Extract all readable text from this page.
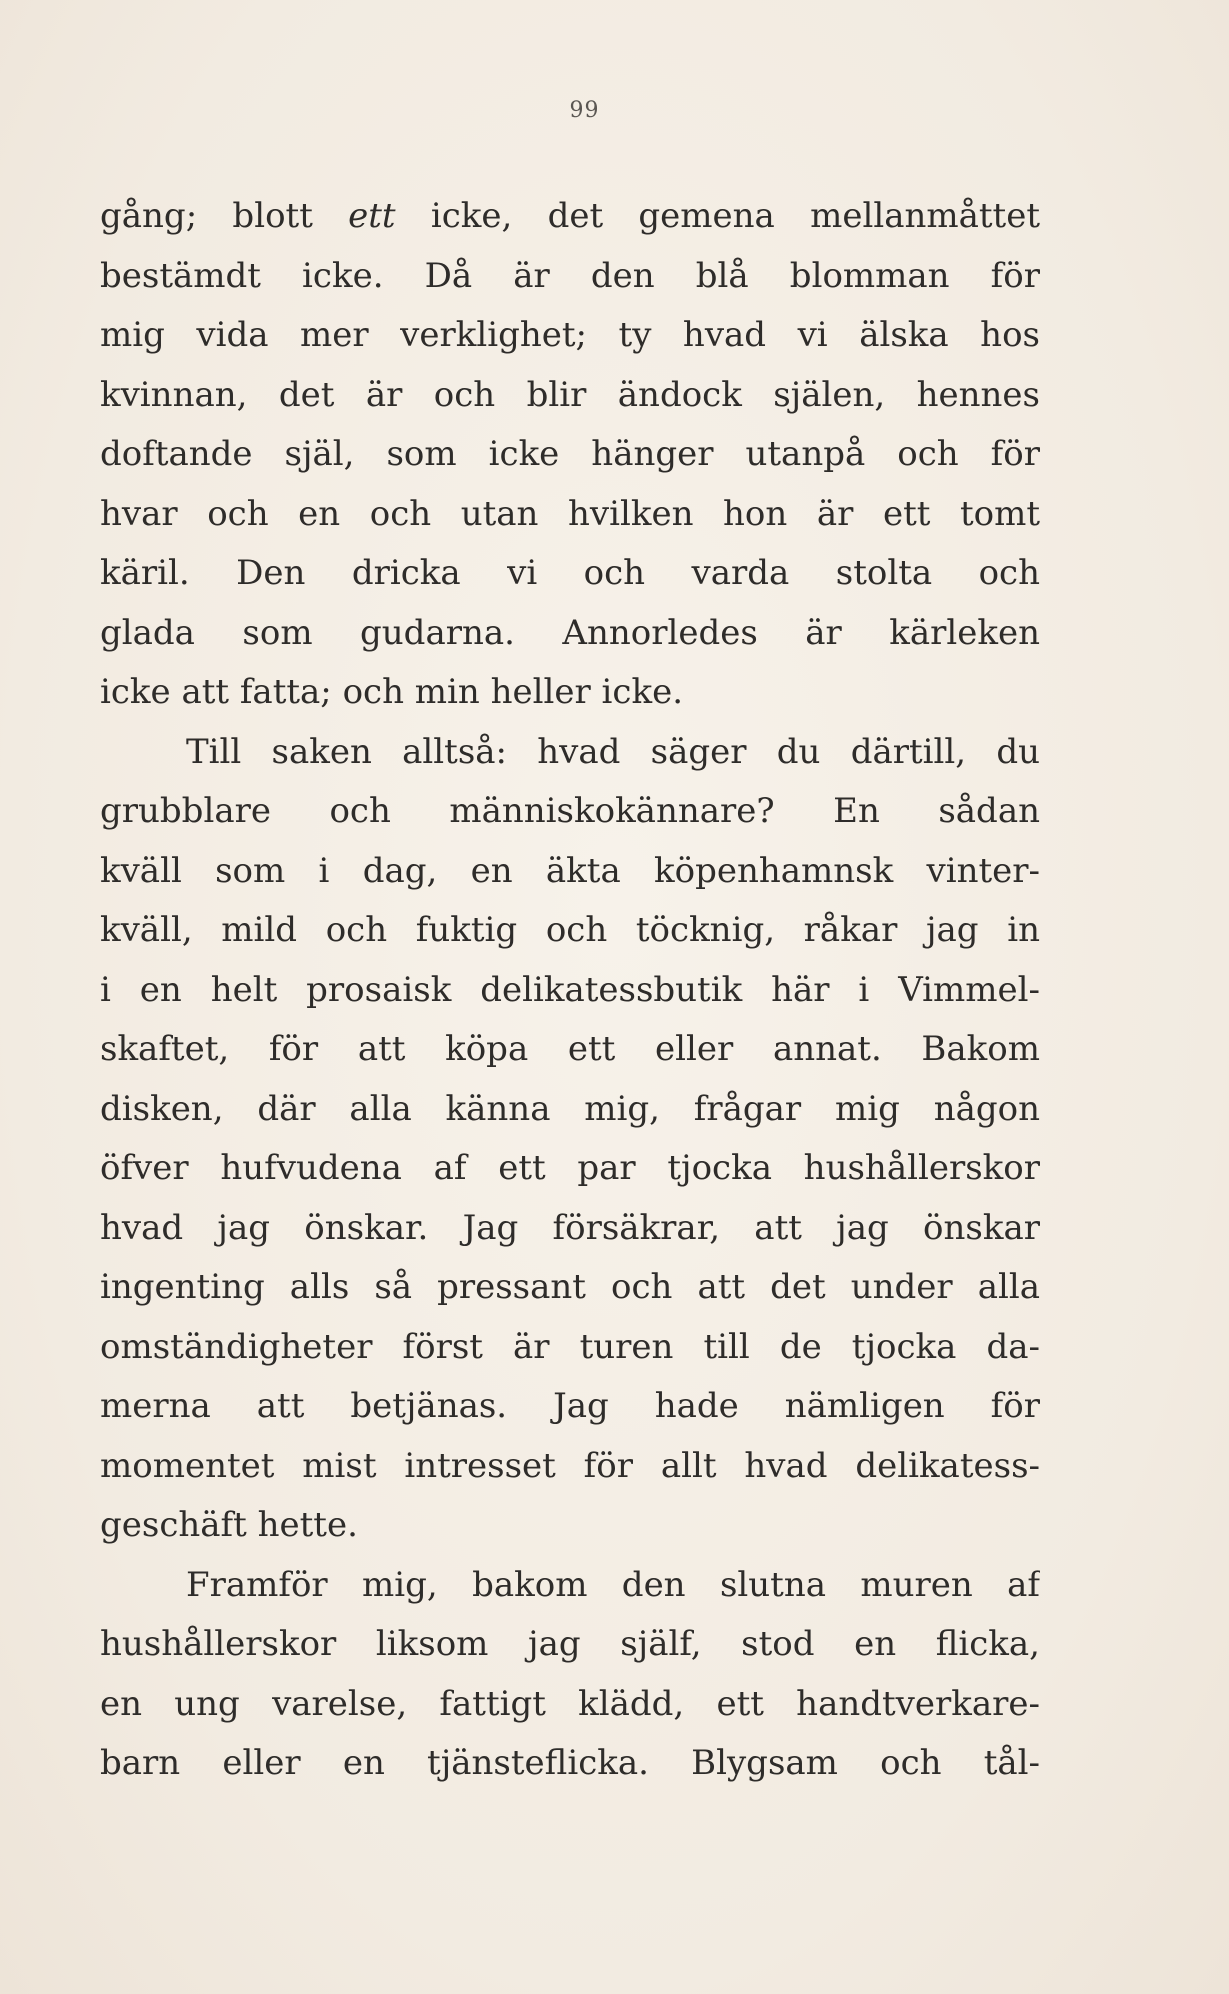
99
gång; blott ett icke, det gemena mellanmåttet
bestämdt icke. Då är den blå blomman för
mig vida mer verklighet; ty hvad vi älska hos
kvinnan, det är och blir ändock själen, hennes
doftande själ, som icke hänger utanpå och för
hvar och en och utan hvilken hon är ett tomt
käril. Den dricka vi och varda stolta och
glada som gudarna. Annorledes är kärleken
icke att fatta; och min heller icke.
Till saken alltså: hvad säger du därtill, du
grubblare och människokännare? En sådan
kväll som i dag, en äkta köpenhamnsk vinter-
kväll, mild och fuktig och töcknig, råkar jag in
i en helt prosaisk delikatessbutik här i Vimmel-
skaftet, för att köpa ett eller annat. Bakom
disken, där alla känna mig, frågar mig någon
öfver hufvudena af ett par tjocka hushållerskor
hvad jag önskar. Jag försäkrar, att jag önskar
ingenting alls så pressant och att det under alla
omständigheter först är turen till de tjocka da-
merna att betjänas. Jag hade nämligen för
momentet mist intresset för allt hvad delikatess-
geschäft hette.
Framför mig, bakom den slutna muren af
hushållerskor liksom jag själf, stod en flicka,
en ung varelse, fattigt klädd, ett handtverkare-
barn eller en tjänsteflicka. Blygsam och tål-
